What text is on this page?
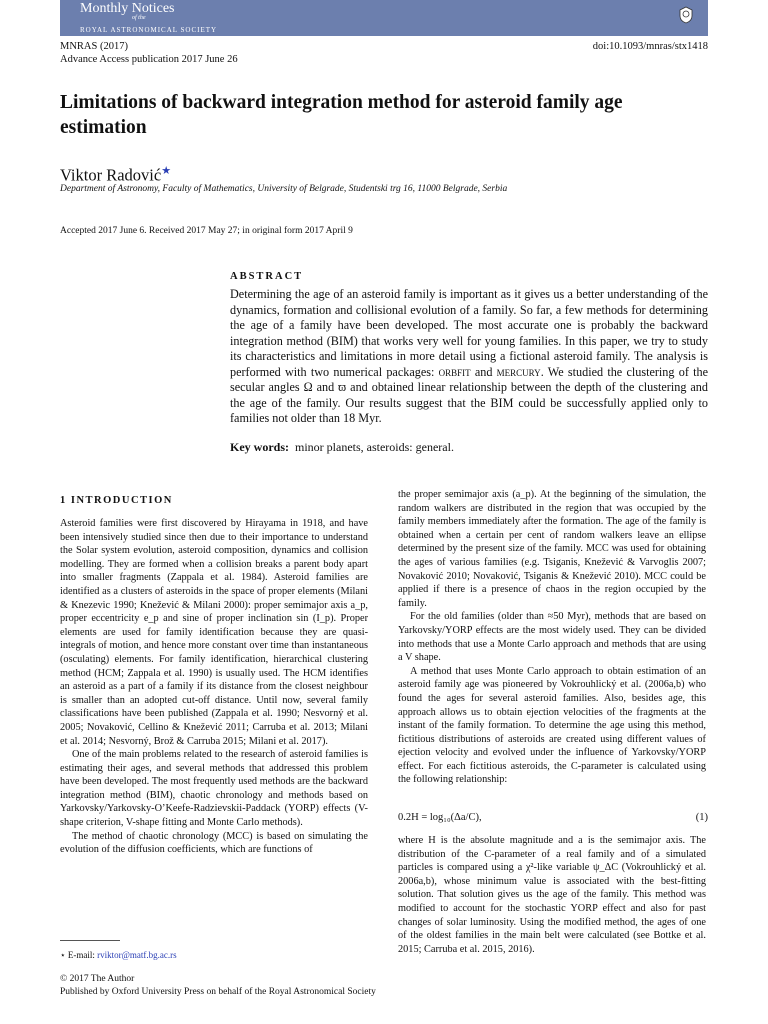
Monthly Notices
of the
ROYAL ASTRONOMICAL SOCIETY
MNRAS (2017)
Advance Access publication 2017 June 26
doi:10.1093/mnras/stx1418
Limitations of backward integration method for asteroid family age estimation
Viktor Radović★
Department of Astronomy, Faculty of Mathematics, University of Belgrade, Studentski trg 16, 11000 Belgrade, Serbia
Accepted 2017 June 6. Received 2017 May 27; in original form 2017 April 9
ABSTRACT
Determining the age of an asteroid family is important as it gives us a better understanding of the dynamics, formation and collisional evolution of a family. So far, a few methods for determining the age of a family have been developed. The most accurate one is probably the backward integration method (BIM) that works very well for young families. In this paper, we try to study its characteristics and limitations in more detail using a fictional asteroid family. The analysis is performed with two numerical packages: orbfit and mercury. We studied the clustering of the secular angles Ω and ϖ and obtained linear relationship between the depth of the clustering and the age of the family. Our results suggest that the BIM could be successfully applied only to families not older than 18 Myr.
Key words: minor planets, asteroids: general.
1 INTRODUCTION

Asteroid families were first discovered by Hirayama in 1918, and have been intensively studied since then due to their importance to understand the Solar system evolution, asteroid composition, dynamics and collision modelling. They are formed when a collision breaks a parent body apart into smaller fragments (Zappala et al. 1984). Asteroid families are identified as a clusters of asteroids in the space of proper elements (Milani & Knezevic 1990; Knežević & Milani 2000): proper semimajor axis a_p, proper eccentricity e_p and sine of proper inclination sin (I_p). Proper elements are used for family identification because they are quasi-integrals of motion, and hence more constant over time than instantaneous (osculating) elements. For family identification, hierarchical clustering method (HCM; Zappala et al. 1990) is usually used. The HCM identifies an asteroid as a part of a family if its distance from the closest neighbour is smaller than an adopted cut-off distance. Until now, several family classifications have been published (Zappala et al. 1990; Nesvorný et al. 2005; Novaković, Cellino & Knežević 2011; Carruba et al. 2013; Milani et al. 2014; Nesvorný, Brož & Carruba 2015; Milani et al. 2017).

One of the main problems related to the research of asteroid families is estimating their ages, and several methods that addressed this problem have been developed. The most frequently used methods are the backward integration method (BIM), chaotic chronology and methods based on Yarkovsky/Yarkovsky-O’Keefe-Radzievskii-Paddack (YORP) effects (V-shape criterion, V-shape fitting and Monte Carlo methods).

The method of chaotic chronology (MCC) is based on simulating the evolution of the diffusion coefficients, which are functions of

the proper semimajor axis (a_p). At the beginning of the simulation, the random walkers are distributed in the region that was occupied by the family members immediately after the formation. The age of the family is obtained when a certain per cent of random walkers leave an ellipse determined by the present size of the family. MCC was used for obtaining the ages of various families (e.g. Tsiganis, Knežević & Varvoglis 2007; Novaković 2010; Novaković, Tsiganis & Knežević 2010). MCC could be applied if there is a presence of chaos in the region occupied by the family.

For the old families (older than ≈50 Myr), methods that are based on Yarkovsky/YORP effects are the most widely used. They can be divided into methods that use a Monte Carlo approach and methods that are using a V shape.

A method that uses Monte Carlo approach to obtain estimation of an asteroid family age was pioneered by Vokrouhlický et al. (2006a,b) who found the ages for several asteroid families. Also, besides age, this approach allows us to obtain ejection velocities of the fragments at the instant of the family formation. To determine the age using this method, fictitious distributions of asteroids are created using different values of ejection velocity and evolved under the influence of Yarkovsky/YORP effect. For each fictitious asteroids, the C-parameter is calculated using the following relationship:

0.2H = log₁₀(Δa/C),	(1)

where H is the absolute magnitude and a is the semimajor axis. The distribution of the C-parameter of a real family and of a simulated particles is compared using a χ²-like variable ψ_ΔC (Vokrouhlický et al. 2006a,b), whose minimum value is associated with the best-fitting solution. That solution gives us the age of the family. This method was modified to account for the stochastic YORP effect and also for past changes of solar luminosity. Using the modified method, the ages of one of the oldest families in the main belt were calculated (see Bottke et al. 2015; Carruba et al. 2015, 2016).

⋆ E-mail: rviktor@matf.bg.ac.rs
© 2017 The Author
Published by Oxford University Press on behalf of the Royal Astronomical Society
